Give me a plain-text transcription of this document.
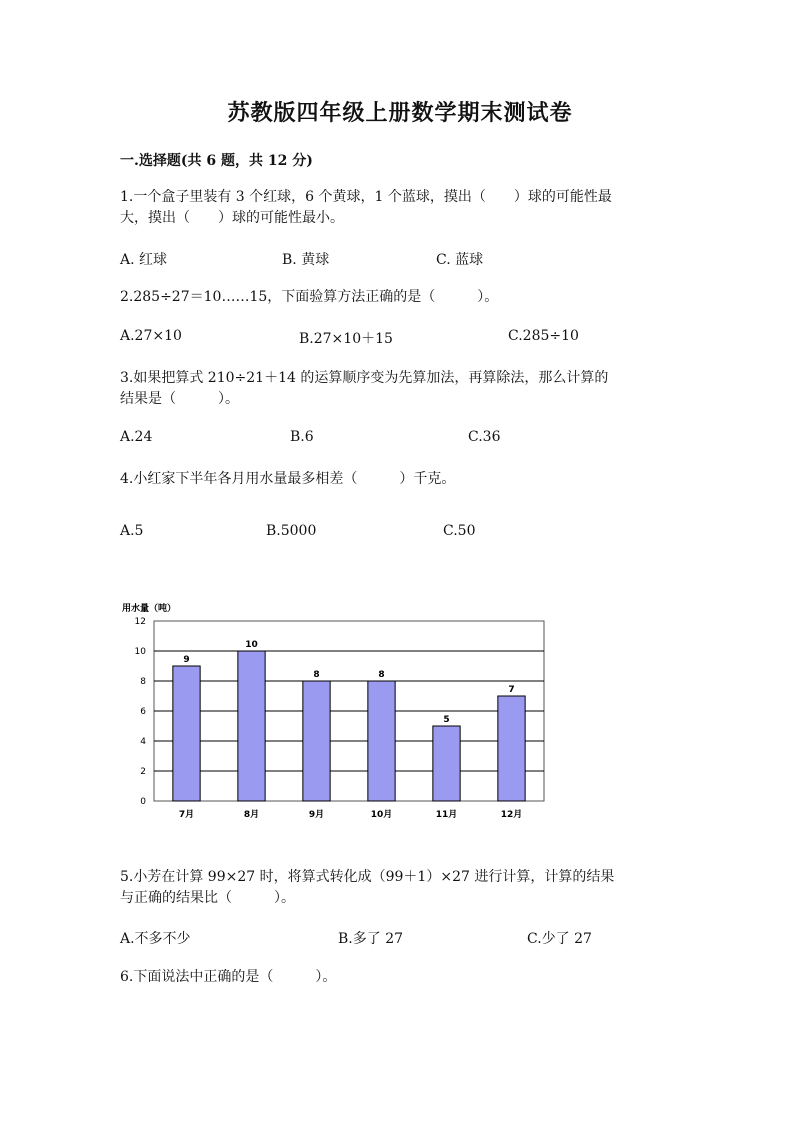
苏教版四年级上册数学期末测试卷
一.选择题(共 6 题，共 12 分)
1.一个盒子里装有 3 个红球，6 个黄球，1 个蓝球，摸出（　　）球的可能性最
大，摸出（　　）球的可能性最小。
A. 红球	B. 黄球	C. 蓝球
2.285÷27＝10……15，下面验算方法正确的是（　　　）。
A.27×10	B.27×10＋15	C.285÷10
3.如果把算式 210÷21＋14 的运算顺序变为先算加法，再算除法，那么计算的
结果是（　　　）。
A.24	B.6	C.36
4.小红家下半年各月用水量最多相差（　　　）千克。
A.5	B.5000	C.50
用水量（吨）
0
2
4
6
8
10
12
9
7月
10
8月
8
9月
8
10月
5
11月
7
12月
5.小芳在计算 99×27 时，将算式转化成（99＋1）×27 进行计算，计算的结果
与正确的结果比（　　　）。
A.不多不少	B.多了 27	C.少了 27
6.下面说法中正确的是（　　　）。
